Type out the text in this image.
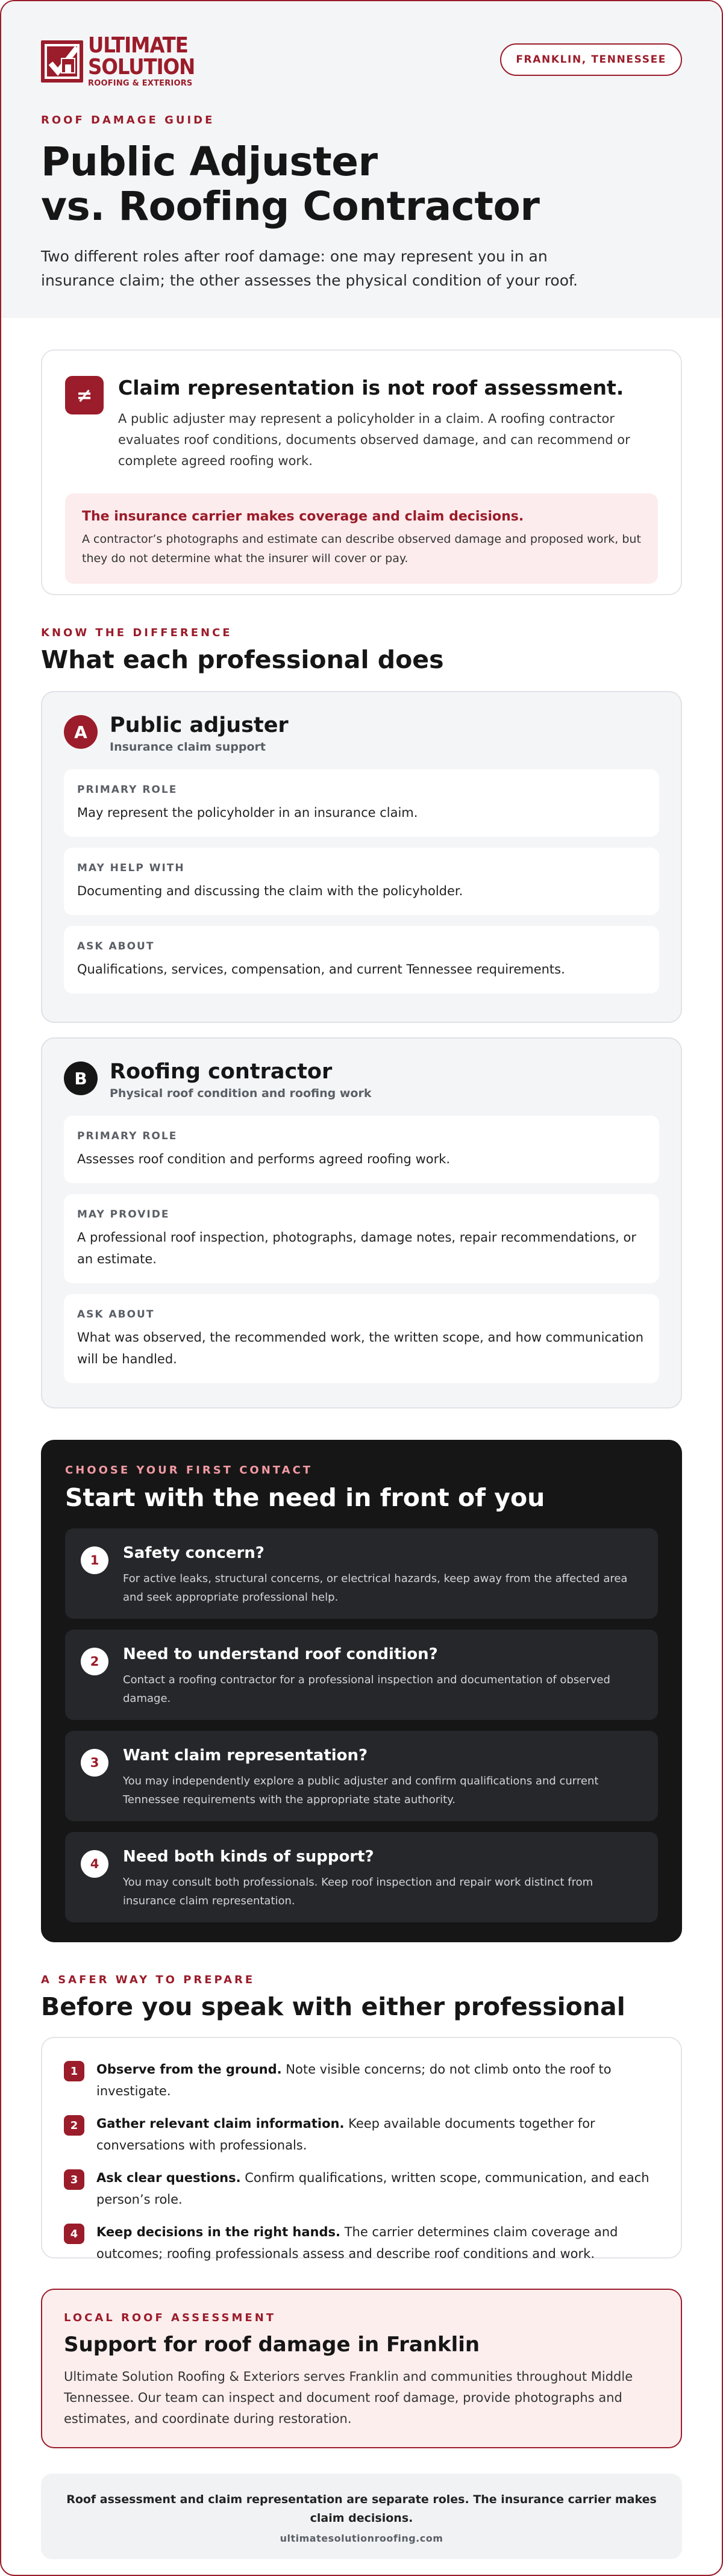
ULTIMATE
SOLUTION
ROOFING & EXTERIORS
FRANKLIN, TENNESSEE
ROOF DAMAGE GUIDE
Public Adjuster
vs. Roofing Contractor

Two different roles after roof damage: one may represent you in an insurance claim; the other assesses the physical condition of your roof.

≠	Claim representation is not roof assessment.

A public adjuster may represent a policyholder in a claim. A roofing contractor evaluates roof conditions, documents observed damage, and can recommend or complete agreed roofing work.

The insurance carrier makes coverage and claim decisions.

A contractor’s photographs and estimate can describe observed damage and proposed work, but they do not determine what the insurer will cover or pay.

KNOW THE DIFFERENCE
What each professional does
A	Public adjuster
Insurance claim support
PRIMARY ROLE
May represent the policyholder in an insurance claim.
MAY HELP WITH
Documenting and discussing the claim with the policyholder.
ASK ABOUT
Qualifications, services, compensation, and current Tennessee requirements.
B	Roofing contractor
Physical roof condition and roofing work
PRIMARY ROLE
Assesses roof condition and performs agreed roofing work.
MAY PROVIDE
A professional roof inspection, photographs, damage notes, repair recommendations, or an estimate.
ASK ABOUT
What was observed, the recommended work, the written scope, and how communication will be handled.
CHOOSE YOUR FIRST CONTACT
Start with the need in front of you
1	Safety concern?

For active leaks, structural concerns, or electrical hazards, keep away from the affected area and seek appropriate professional help.

2	Need to understand roof condition?

Contact a roofing contractor for a professional inspection and documentation of observed damage.

3	Want claim representation?

You may independently explore a public adjuster and confirm qualifications and current Tennessee requirements with the appropriate state authority.

4	Need both kinds of support?

You may consult both professionals. Keep roof inspection and repair work distinct from insurance claim representation.

A SAFER WAY TO PREPARE
Before you speak with either professional
1	Observe from the ground. Note visible concerns; do not climb onto the roof to investigate.
2	Gather relevant claim information. Keep available documents together for conversations with professionals.
3	Ask clear questions. Confirm qualifications, written scope, communication, and each person’s role.
4	Keep decisions in the right hands. The carrier determines claim coverage and outcomes; roofing professionals assess and describe roof conditions and work.
LOCAL ROOF ASSESSMENT
Support for roof damage in Franklin

Ultimate Solution Roofing & Exteriors serves Franklin and communities throughout Middle Tennessee. Our team can inspect and document roof damage, provide photographs and estimates, and coordinate during restoration.

Roof assessment and claim representation are separate roles. The insurance carrier makes claim decisions.

ultimatesolutionroofing.com
